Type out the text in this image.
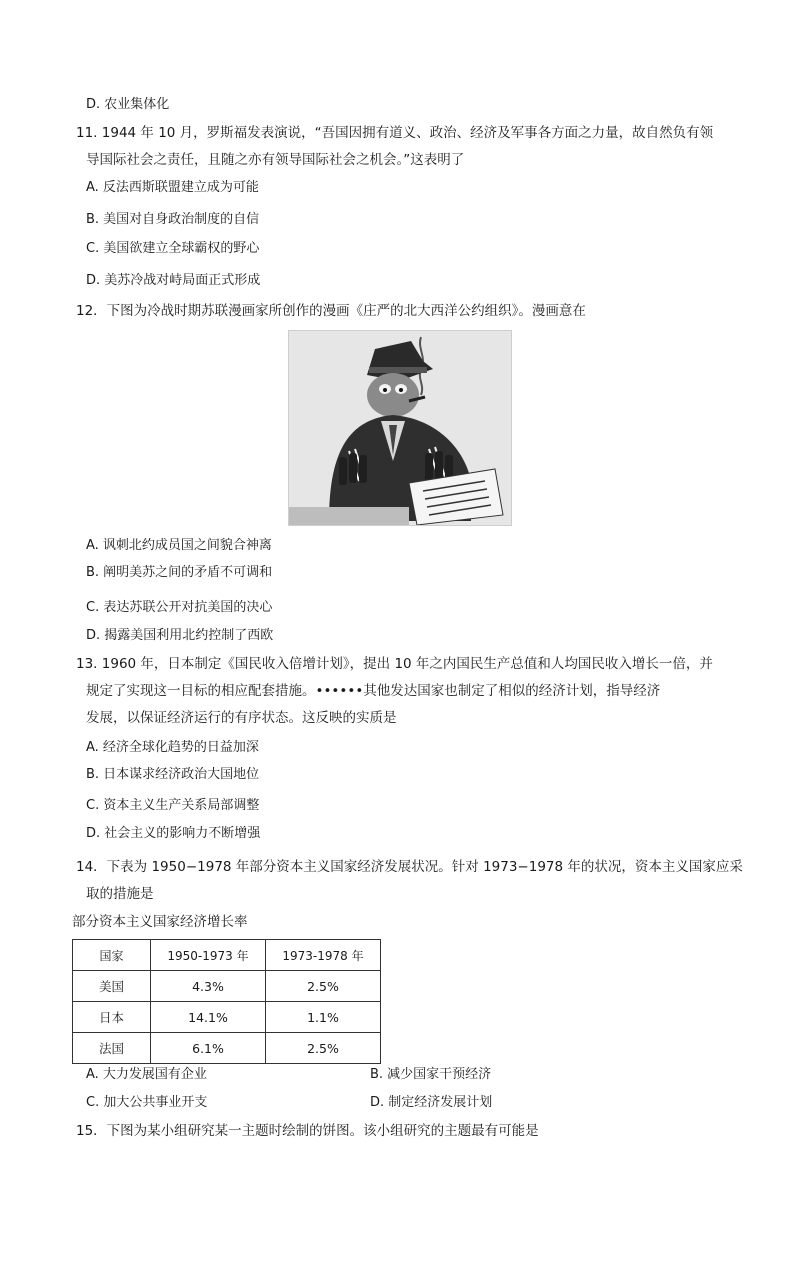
D. 农业集体化
11. 1944 年 10 月，罗斯福发表演说，“吾国因拥有道义、政治、经济及军事各方面之力量，故自然负有领
导国际社会之责任，且随之亦有领导国际社会之机会。”这表明了
A. 反法西斯联盟建立成为可能
B. 美国对自身政治制度的自信
C. 美国欲建立全球霸权的野心
D. 美苏冷战对峙局面正式形成
12．下图为冷战时期苏联漫画家所创作的漫画《庄严的北大西洋公约组织》。漫画意在
A. 讽刺北约成员国之间貌合神离
B. 阐明美苏之间的矛盾不可调和
C. 表达苏联公开对抗美国的决心
D. 揭露美国利用北约控制了西欧
13. 1960 年，日本制定《国民收入倍增计划》，提出 10 年之内国民生产总值和人均国民收入增长一倍，并
规定了实现这一目标的相应配套措施。••••••其他发达国家也制定了相似的经济计划，指导经济
发展，以保证经济运行的有序状态。这反映的实质是
A. 经济全球化趋势的日益加深
B. 日本谋求经济政治大国地位
C. 资本主义生产关系局部调整
D. 社会主义的影响力不断增强
14．下表为 1950−1978 年部分资本主义国家经济发展状况。针对 1973−1978 年的状况，资本主义国家应采
取的措施是
部分资本主义国家经济增长率
国家	1950-1973 年	1973-1978 年
美国	4.3%	2.5%
日本	14.1%	1.1%
法国	6.1%	2.5%
A. 大力发展国有企业	B. 减少国家干预经济
C. 加大公共事业开支	D. 制定经济发展计划
15．下图为某小组研究某一主题时绘制的饼图。该小组研究的主题最有可能是
